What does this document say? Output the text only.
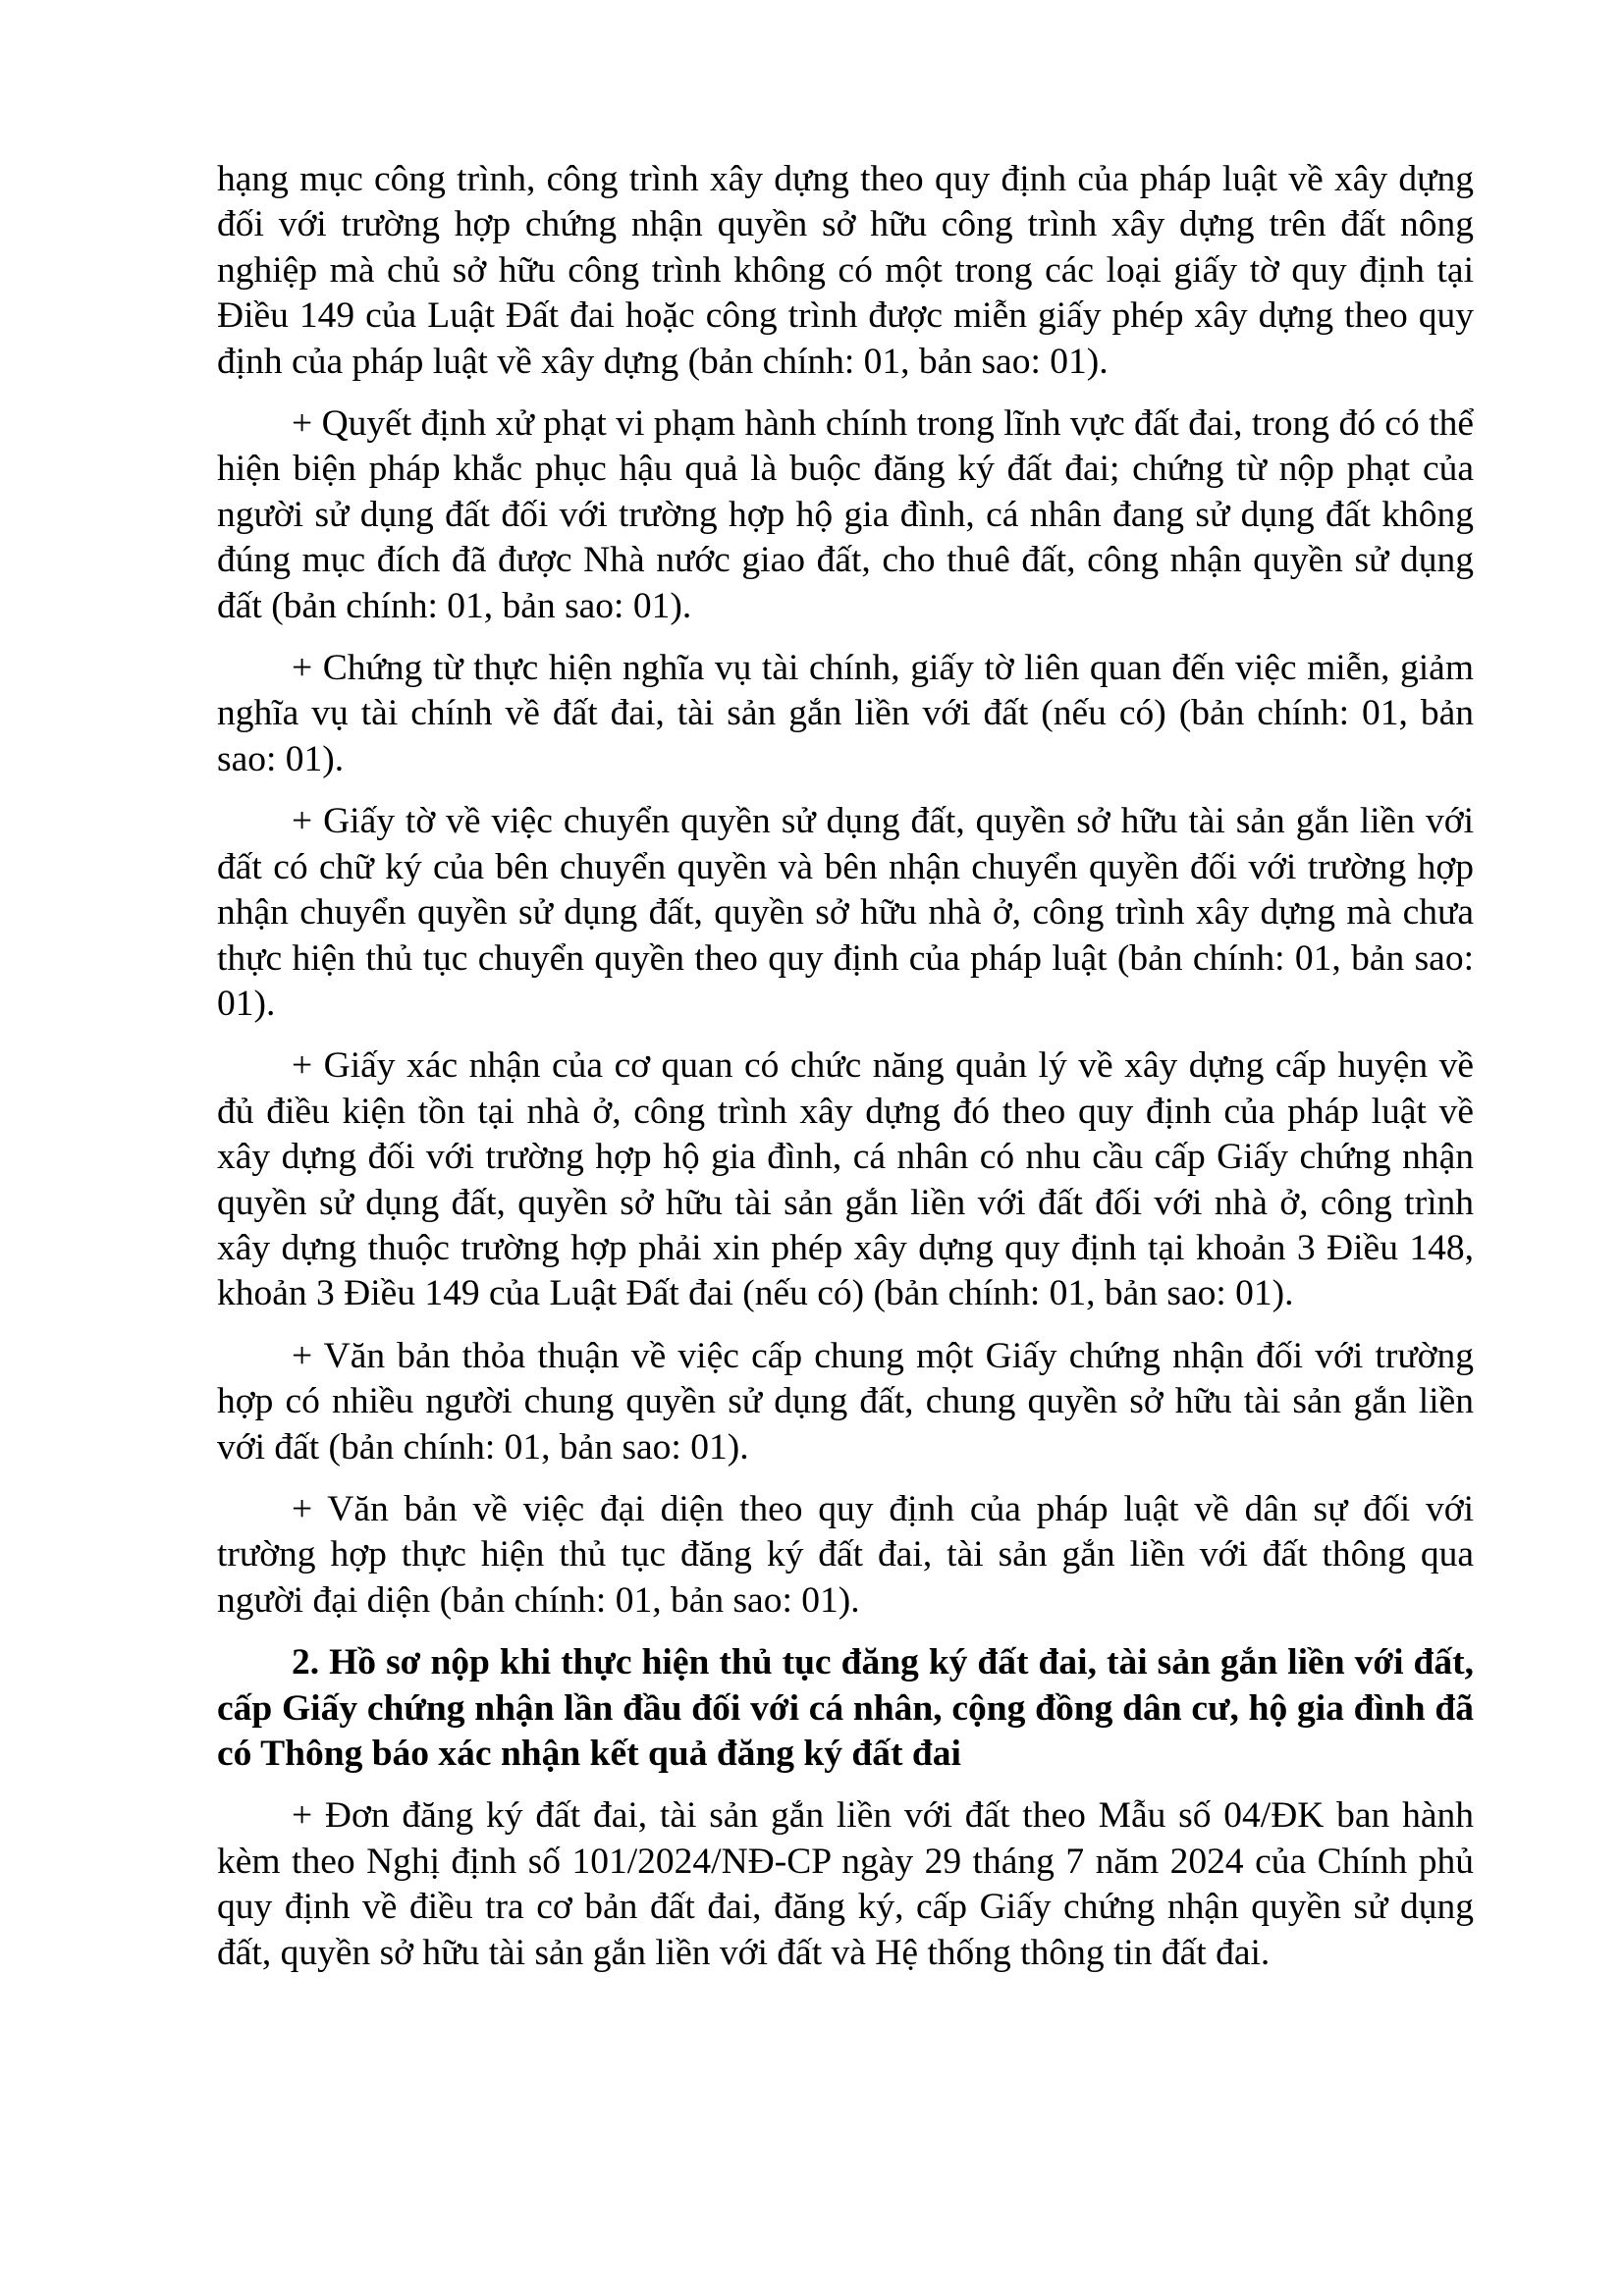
hạng mục công trình, công trình xây dựng theo quy định của pháp luật về xây dựng đối với trường hợp chứng nhận quyền sở hữu công trình xây dựng trên đất nông nghiệp mà chủ sở hữu công trình không có một trong các loại giấy tờ quy định tại Điều 149 của Luật Đất đai hoặc công trình được miễn giấy phép xây dựng theo quy định của pháp luật về xây dựng (bản chính: 01, bản sao: 01).

+ Quyết định xử phạt vi phạm hành chính trong lĩnh vực đất đai, trong đó có thể hiện biện pháp khắc phục hậu quả là buộc đăng ký đất đai; chứng từ nộp phạt của người sử dụng đất đối với trường hợp hộ gia đình, cá nhân đang sử dụng đất không đúng mục đích đã được Nhà nước giao đất, cho thuê đất, công nhận quyền sử dụng đất (bản chính: 01, bản sao: 01).

+ Chứng từ thực hiện nghĩa vụ tài chính, giấy tờ liên quan đến việc miễn, giảm nghĩa vụ tài chính về đất đai, tài sản gắn liền với đất (nếu có) (bản chính: 01, bản sao: 01).

+ Giấy tờ về việc chuyển quyền sử dụng đất, quyền sở hữu tài sản gắn liền với đất có chữ ký của bên chuyển quyền và bên nhận chuyển quyền đối với trường hợp nhận chuyển quyền sử dụng đất, quyền sở hữu nhà ở, công trình xây dựng mà chưa thực hiện thủ tục chuyển quyền theo quy định của pháp luật (bản chính: 01, bản sao: 01).

+ Giấy xác nhận của cơ quan có chức năng quản lý về xây dựng cấp huyện về đủ điều kiện tồn tại nhà ở, công trình xây dựng đó theo quy định của pháp luật về xây dựng đối với trường hợp hộ gia đình, cá nhân có nhu cầu cấp Giấy chứng nhận quyền sử dụng đất, quyền sở hữu tài sản gắn liền với đất đối với nhà ở, công trình xây dựng thuộc trường hợp phải xin phép xây dựng quy định tại khoản 3 Điều 148, khoản 3 Điều 149 của Luật Đất đai (nếu có) (bản chính: 01, bản sao: 01).

+ Văn bản thỏa thuận về việc cấp chung một Giấy chứng nhận đối với trường hợp có nhiều người chung quyền sử dụng đất, chung quyền sở hữu tài sản gắn liền với đất (bản chính: 01, bản sao: 01).

+ Văn bản về việc đại diện theo quy định của pháp luật về dân sự đối với trường hợp thực hiện thủ tục đăng ký đất đai, tài sản gắn liền với đất thông qua người đại diện (bản chính: 01, bản sao: 01).

2. Hồ sơ nộp khi thực hiện thủ tục đăng ký đất đai, tài sản gắn liền với đất, cấp Giấy chứng nhận lần đầu đối với cá nhân, cộng đồng dân cư, hộ gia đình đã có Thông báo xác nhận kết quả đăng ký đất đai

+ Đơn đăng ký đất đai, tài sản gắn liền với đất theo Mẫu số 04/ĐK ban hành kèm theo Nghị định số 101/2024/NĐ-CP ngày 29 tháng 7 năm 2024 của Chính phủ quy định về điều tra cơ bản đất đai, đăng ký, cấp Giấy chứng nhận quyền sử dụng đất, quyền sở hữu tài sản gắn liền với đất và Hệ thống thông tin đất đai.
